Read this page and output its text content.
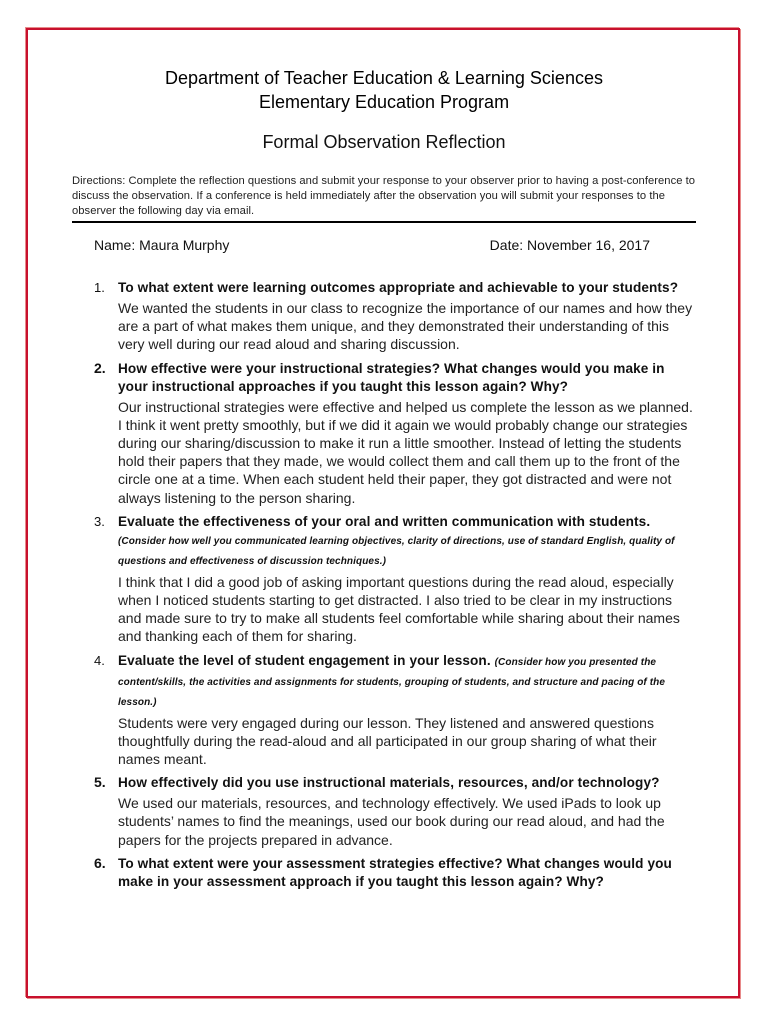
Department of Teacher Education & Learning Sciences
Elementary Education Program
Formal Observation Reflection
Directions: Complete the reflection questions and submit your response to your observer prior to having a post-conference to discuss the observation. If a conference is held immediately after the observation you will submit your responses to the observer the following day via email.
Name: Maura Murphy	Date: November 16, 2017
1. To what extent were learning outcomes appropriate and achievable to your students?
We wanted the students in our class to recognize the importance of our names and how they are a part of what makes them unique, and they demonstrated their understanding of this very well during our read aloud and sharing discussion.
2. How effective were your instructional strategies? What changes would you make in your instructional approaches if you taught this lesson again? Why?
Our instructional strategies were effective and helped us complete the lesson as we planned. I think it went pretty smoothly, but if we did it again we would probably change our strategies during our sharing/discussion to make it run a little smoother. Instead of letting the students hold their papers that they made, we would collect them and call them up to the front of the circle one at a time. When each student held their paper, they got distracted and were not always listening to the person sharing.
3. Evaluate the effectiveness of your oral and written communication with students. (Consider how well you communicated learning objectives, clarity of directions, use of standard English, quality of questions and effectiveness of discussion techniques.)
I think that I did a good job of asking important questions during the read aloud, especially when I noticed students starting to get distracted. I also tried to be clear in my instructions and made sure to try to make all students feel comfortable while sharing about their names and thanking each of them for sharing.
4. Evaluate the level of student engagement in your lesson. (Consider how you presented the content/skills, the activities and assignments for students, grouping of students, and structure and pacing of the lesson.)
Students were very engaged during our lesson. They listened and answered questions thoughtfully during the read-aloud and all participated in our group sharing of what their names meant.
5. How effectively did you use instructional materials, resources, and/or technology?
We used our materials, resources, and technology effectively. We used iPads to look up students’ names to find the meanings, used our book during our read aloud, and had the papers for the projects prepared in advance.
6. To what extent were your assessment strategies effective? What changes would you make in your assessment approach if you taught this lesson again? Why?
